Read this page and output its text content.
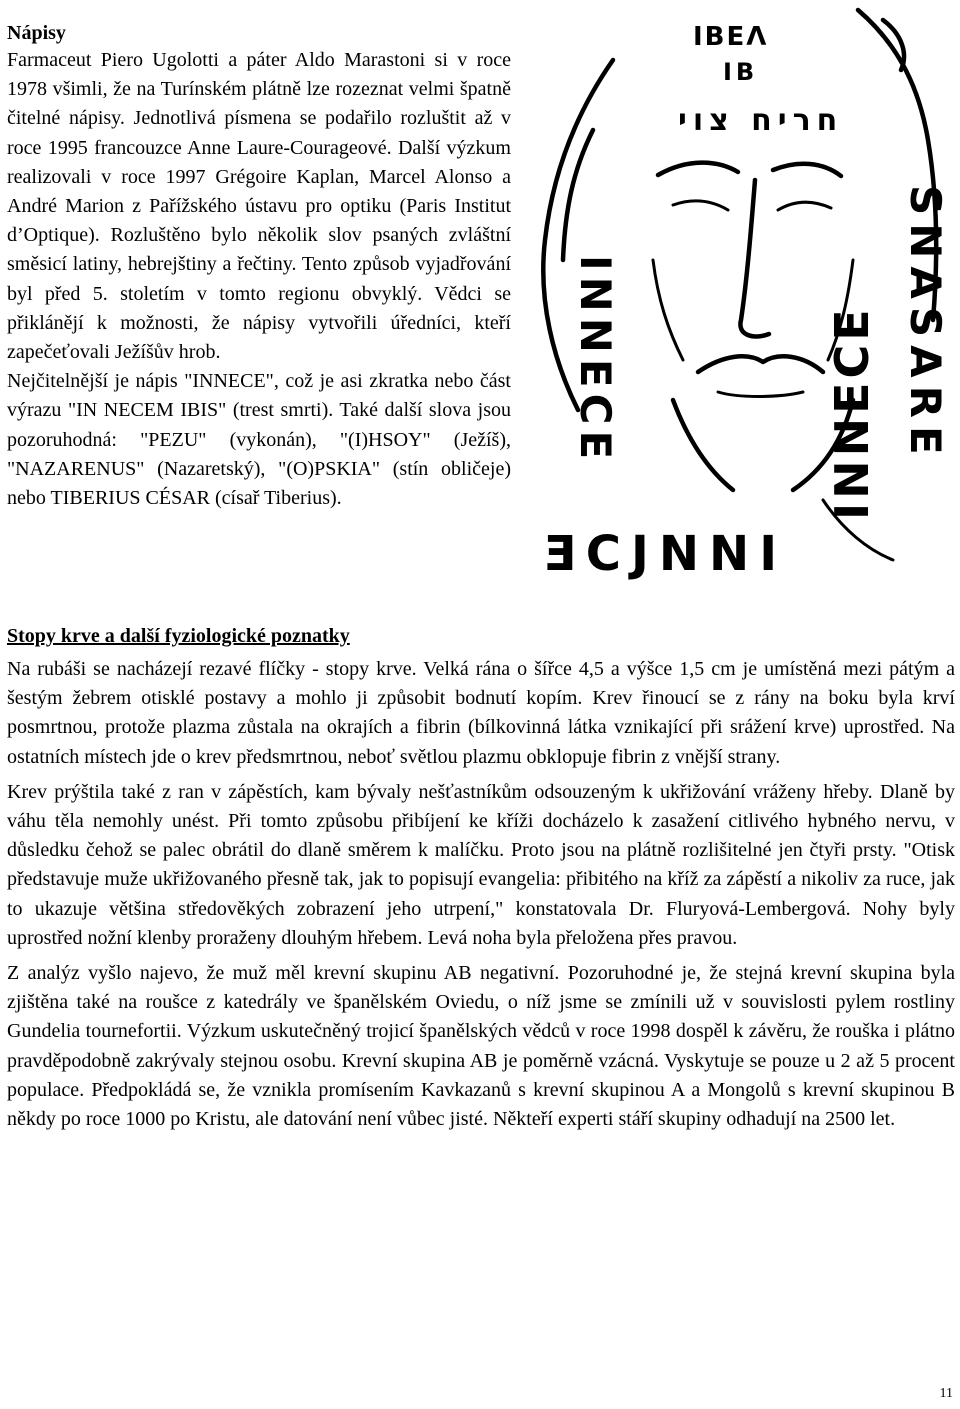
IBEΛ
IB
חריח צוי
INNECE	INNECE SNASARE
ƎCJNNI
Nápisy

Farmaceut Piero Ugolotti a páter Aldo Marastoni si v roce 1978 všimli, že na Turínském plátně lze rozeznat velmi špatně čitelné nápisy. Jednotlivá písmena se podařilo rozluštit až v roce 1995 francouzce Anne Laure-Courageové. Další výzkum realizovali v roce 1997 Grégoire Kaplan, Marcel Alonso a André Marion z Pařížského ústavu pro optiku (Paris Institut d’Optique). Rozluštěno bylo několik slov psaných zvláštní směsicí latiny, hebrejštiny a řečtiny. Tento způsob vyjadřování byl před 5. stoletím v tomto regionu obvyklý. Vědci se přiklánějí k možnosti, že nápisy vytvořili úředníci, kteří zapečeťovali Ježíšův hrob.

Nejčitelnější je nápis "INNECE", což je asi zkratka nebo část výrazu "IN NECEM IBIS" (trest smrti). Také další slova jsou pozoruhodná: "PEZU" (vykonán), "(I)HSOY" (Ježíš), "NAZARENUS" (Nazaretský), "(O)PSKIA" (stín obličeje) nebo TIBERIUS CÉSAR (císař Tiberius).

Stopy krve a další fyziologické poznatky

Na rubáši se nacházejí rezavé flíčky - stopy krve. Velká rána o šířce 4,5 a výšce 1,5 cm je umístěná mezi pátým a šestým žebrem otisklé postavy a mohlo ji způsobit bodnutí kopím. Krev řinoucí se z rány na boku byla krví posmrtnou, protože plazma zůstala na okrajích a fibrin (bílkovinná látka vznikající při srážení krve) uprostřed. Na ostatních místech jde o krev předsmrtnou, neboť světlou plazmu obklopuje fibrin z vnější strany.

Krev prýštila také z ran v zápěstích, kam bývaly nešťastníkům odsouzeným k ukřižování vráženy hřeby. Dlaně by váhu těla nemohly unést. Při tomto způsobu přibíjení ke kříži docházelo k zasažení citlivého hybného nervu, v důsledku čehož se palec obrátil do dlaně směrem k malíčku. Proto jsou na plátně rozlišitelné jen čtyři prsty. "Otisk představuje muže ukřižovaného přesně tak, jak to popisují evangelia: přibitého na kříž za zápěstí a nikoliv za ruce, jak to ukazuje většina středověkých zobrazení jeho utrpení," konstatovala Dr. Fluryová-Lembergová. Nohy byly uprostřed nožní klenby proraženy dlouhým hřebem. Levá noha byla přeložena přes pravou.

Z analýz vyšlo najevo, že muž měl krevní skupinu AB negativní. Pozoruhodné je, že stejná krevní skupina byla zjištěna také na roušce z katedrály ve španělském Oviedu, o níž jsme se zmínili už v souvislosti pylem rostliny Gundelia tournefortii. Výzkum uskutečněný trojicí španělských vědců v roce 1998 dospěl k závěru, že rouška i plátno pravděpodobně zakrývaly stejnou osobu. Krevní skupina AB je poměrně vzácná. Vyskytuje se pouze u 2 až 5 procent populace. Předpokládá se, že vznikla promísením Kavkazanů s krevní skupinou A a Mongolů s krevní skupinou B někdy po roce 1000 po Kristu, ale datování není vůbec jisté. Někteří experti stáří skupiny odhadují na 2500 let.

11
